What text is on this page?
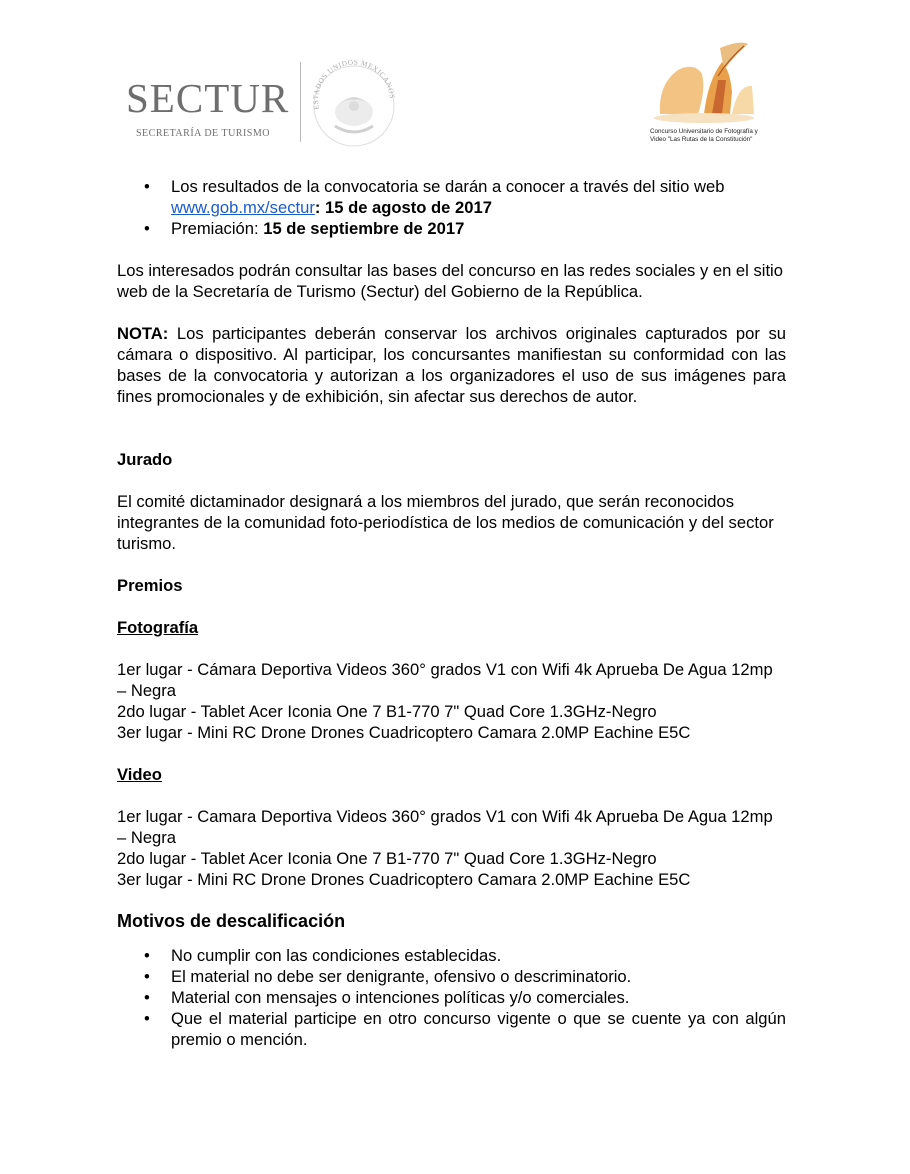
SECTUR
SECRETARÍA DE TURISMO
ESTADOS UNIDOS MEXICANOS
Concurso Universitario de Fotografía y
Video "Las Rutas de la Constitución"
• Los resultados de la convocatoria se darán a conocer a través del sitio web www.gob.mx/sectur: 15 de agosto de 2017
• Premiación: 15 de septiembre de 2017

Los interesados podrán consultar las bases del concurso en las redes sociales y en el sitio web de la Secretaría de Turismo (Sectur) del Gobierno de la República.

NOTA: Los participantes deberán conservar los archivos originales capturados por su cámara o dispositivo. Al participar, los concursantes manifiestan su conformidad con las bases de la convocatoria y autorizan a los organizadores el uso de sus imágenes para fines promocionales y de exhibición, sin afectar sus derechos de autor.

Jurado

El comité dictaminador designará a los miembros del jurado, que serán reconocidos integrantes de la comunidad foto-periodística de los medios de comunicación y del sector turismo.

Premios

Fotografía

1er lugar - Cámara Deportiva Videos 360° grados V1 con Wifi 4k Aprueba De Agua 12mp – Negra

2do lugar - Tablet Acer Iconia One 7 B1-770 7" Quad Core 1.3GHz-Negro

3er lugar - Mini RC Drone Drones Cuadricoptero Camara 2.0MP Eachine E5C

Video

1er lugar - Camara Deportiva Videos 360° grados V1 con Wifi 4k Aprueba De Agua 12mp – Negra

2do lugar - Tablet Acer Iconia One 7 B1-770 7" Quad Core 1.3GHz-Negro

3er lugar - Mini RC Drone Drones Cuadricoptero Camara 2.0MP Eachine E5C

Motivos de descalificación

• No cumplir con las condiciones establecidas.
• El material no debe ser denigrante, ofensivo o descriminatorio.
• Material con mensajes o intenciones políticas y/o comerciales.
• Que el material participe en otro concurso vigente o que se cuente ya con algún premio o mención.
